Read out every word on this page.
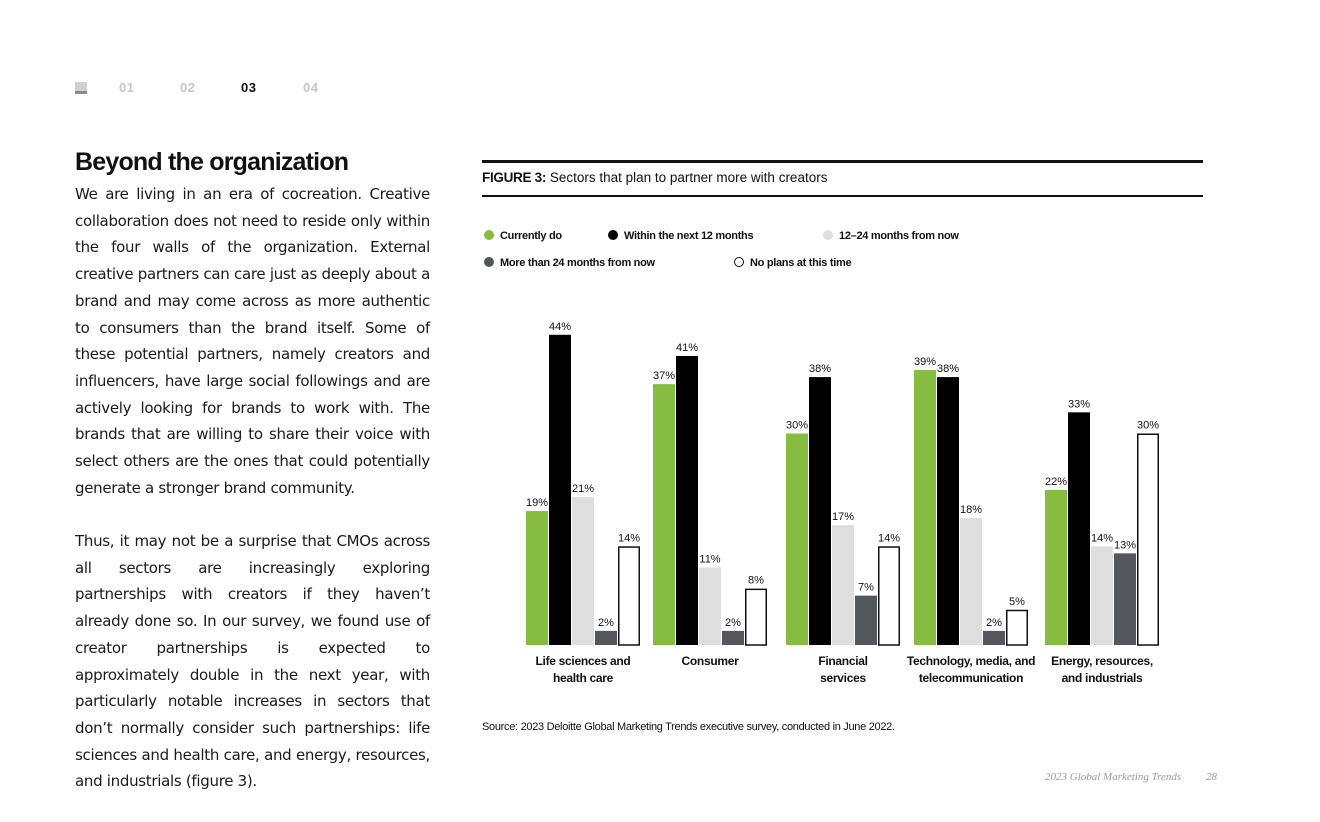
01	02	03	04
Beyond the organization

We are living in an era of cocreation. Creative collaboration does not need to reside only within the four walls of the organization. External creative partners can care just as deeply about a brand and may come across as more authentic to consumers than the brand itself. Some of these potential partners, namely creators and influencers, have large social followings and are actively looking for brands to work with. The brands that are willing to share their voice with select others are the ones that could potentially generate a stronger brand community.

Thus, it may not be a surprise that CMOs across all sectors are increasingly exploring partnerships with creators if they haven’t already done so. In our survey, we found use of creator partnerships is expected to approximately double in the next year, with particularly notable increases in sectors that don’t normally consider such partnerships: life sciences and health care, and energy, resources, and industrials (figure 3).

FIGURE 3: Sectors that plan to partner more with creators
Currently do	Within the next 12 months	12–24 months from now
More than 24 months from now	No plans at this time
19%
44%
21%
2%
14%
Life sciences and
health care
37%
41%
11%
2%
8%
Consumer
30%
38%
17%
7%
14%
Financial
services
39%
38%
18%
2%
5%
Technology, media, and
telecommunication
22%
33%
14%
13%
30%
Energy, resources,
and industrials
Source: 2023 Deloitte Global Marketing Trends executive survey, conducted in June 2022.
2023 Global Marketing Trends 28
